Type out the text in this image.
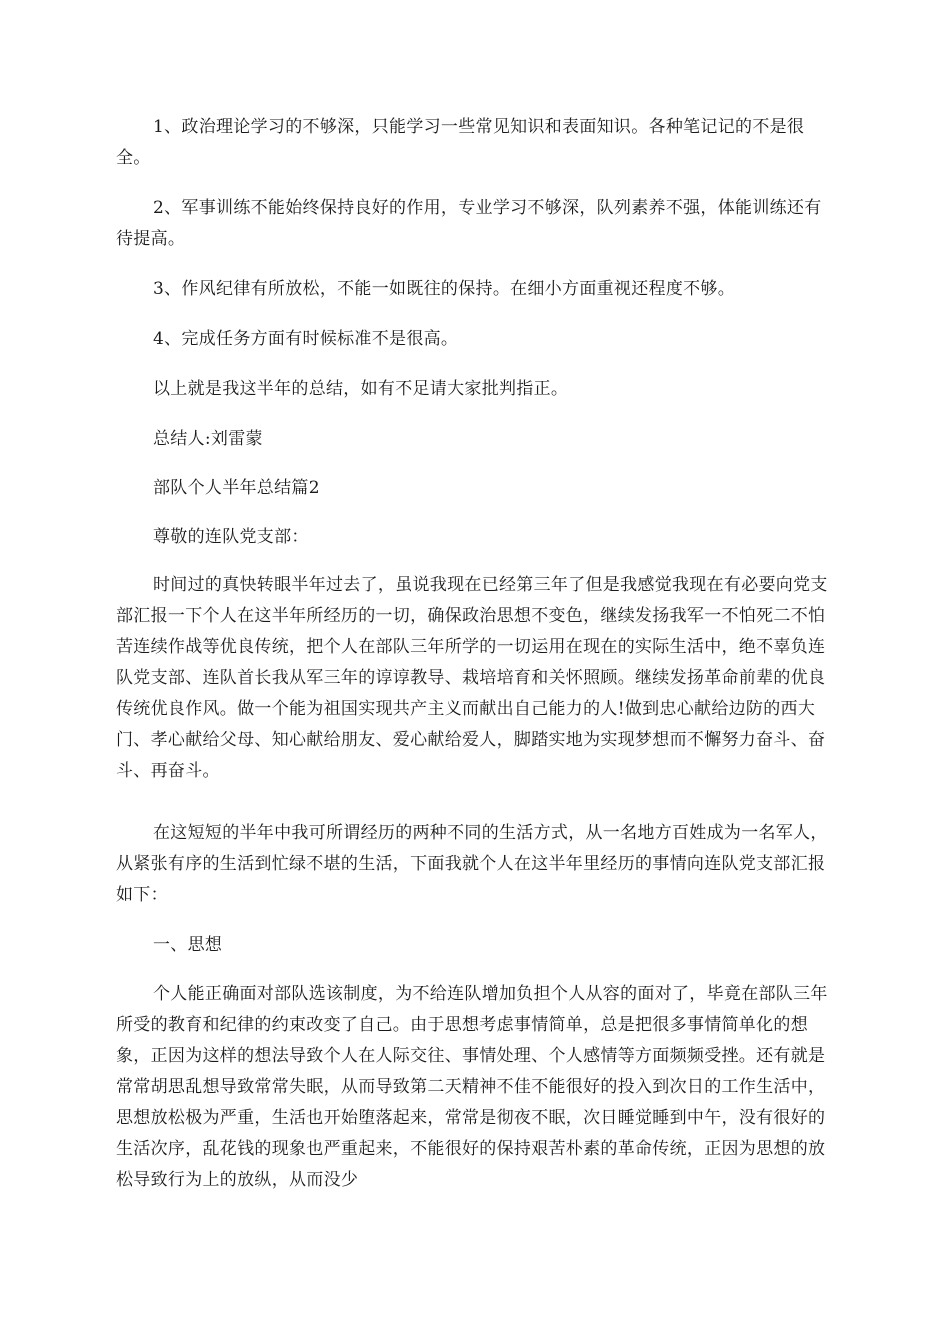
1、政治理论学习的不够深，只能学习一些常见知识和表面知识。各种笔记记的不是很全。

2、军事训练不能始终保持良好的作用，专业学习不够深，队列素养不强，体能训练还有待提高。

3、作风纪律有所放松，不能一如既往的保持。在细小方面重视还程度不够。

4、完成任务方面有时候标准不是很高。

以上就是我这半年的总结，如有不足请大家批判指正。

总结人:刘雷蒙

部队个人半年总结篇2

尊敬的连队党支部：

时间过的真快转眼半年过去了，虽说我现在已经第三年了但是我感觉我现在有必要向党支部汇报一下个人在这半年所经历的一切，确保政治思想不变色，继续发扬我军一不怕死二不怕苦连续作战等优良传统，把个人在部队三年所学的一切运用在现在的实际生活中，绝不辜负连队党支部、连队首长我从军三年的谆谆教导、栽培培育和关怀照顾。继续发扬革命前辈的优良传统优良作风。做一个能为祖国实现共产主义而献出自己能力的人!做到忠心献给边防的西大门、孝心献给父母、知心献给朋友、爱心献给爱人，脚踏实地为实现梦想而不懈努力奋斗、奋斗、再奋斗。

在这短短的半年中我可所谓经历的两种不同的生活方式，从一名地方百姓成为一名军人，从紧张有序的生活到忙绿不堪的生活，下面我就个人在这半年里经历的事情向连队党支部汇报如下：

一、思想

个人能正确面对部队选该制度，为不给连队增加负担个人从容的面对了，毕竟在部队三年所受的教育和纪律的约束改变了自己。由于思想考虑事情简单，总是把很多事情简单化的想象，正因为这样的想法导致个人在人际交往、事情处理、个人感情等方面频频受挫。还有就是常常胡思乱想导致常常失眠，从而导致第二天精神不佳不能很好的投入到次日的工作生活中，思想放松极为严重，生活也开始堕落起来，常常是彻夜不眠，次日睡觉睡到中午，没有很好的生活次序，乱花钱的现象也严重起来，不能很好的保持艰苦朴素的革命传统，正因为思想的放松导致行为上的放纵，从而没少
